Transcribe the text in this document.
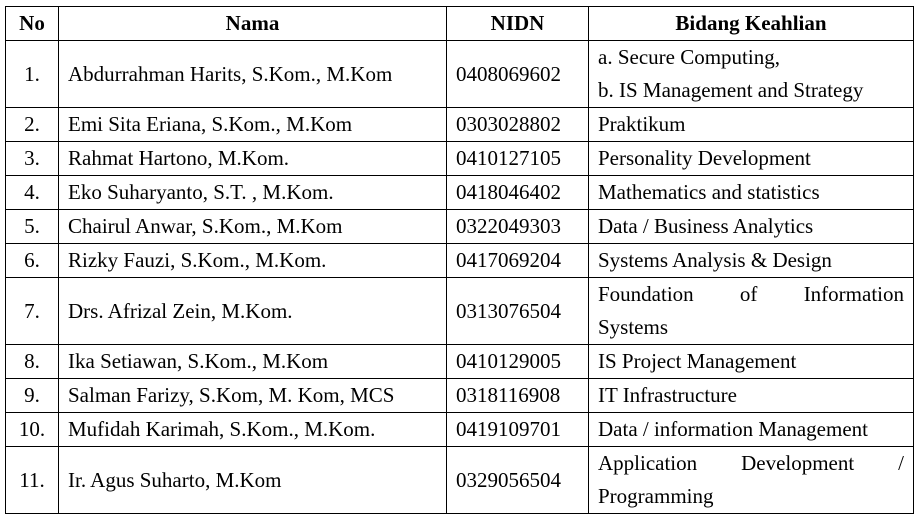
No	Nama	NIDN	Bidang Keahlian
1.	Abdurrahman Harits, S.Kom., M.Kom	0408069602	a. Secure Computing,
b. IS Management and Strategy

2.	Emi Sita Eriana, S.Kom., M.Kom	0303028802	Praktikum
3.	Rahmat Hartono, M.Kom.	0410127105	Personality Development
4.	Eko Suharyanto, S.T. , M.Kom.	0418046402	Mathematics and statistics
5.	Chairul Anwar, S.Kom., M.Kom	0322049303	Data / Business Analytics
6.	Rizky Fauzi, S.Kom., M.Kom.	0417069204	Systems Analysis & Design
7.	Drs. Afrizal Zein, M.Kom.	0313076504	Foundation of Information
Systems

8.	Ika Setiawan, S.Kom., M.Kom	0410129005	IS Project Management
9.	Salman Farizy, S.Kom, M. Kom, MCS	0318116908	IT Infrastructure
10.	Mufidah Karimah, S.Kom., M.Kom.	0419109701	Data / information Management
11.	Ir. Agus Suharto, M.Kom	0329056504	Application Development /
Programming
